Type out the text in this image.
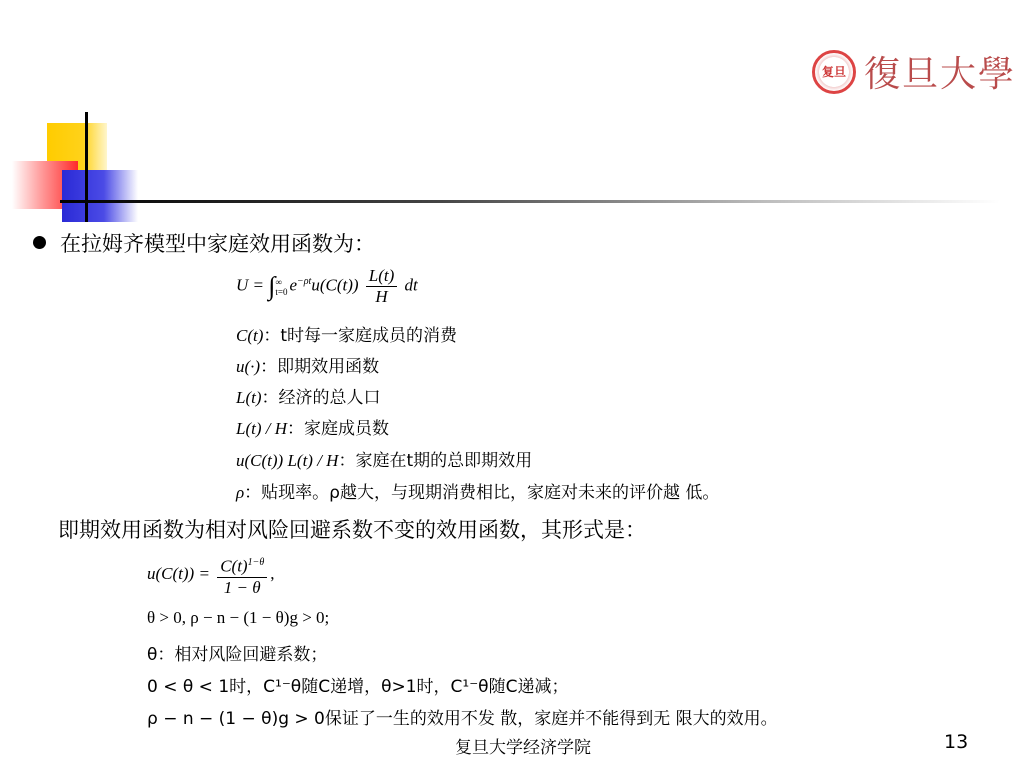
复旦 復旦大學
在拉姆齐模型中家庭效用函数为：
U = ∫ ∞
t=0 $e^{-\rho t}u(C(t)) \frac{L(t)}{H}$ dt
C(t)：t时每一家庭成员的消费
u(·)：即期效用函数
L(t)：经济的总人口
L(t) / H：家庭成员数
u(C(t)) L(t) / H：家庭在t期的总即期效用
ρ：贴现率。ρ越大，与现期消费相比，家庭对未来的评价越 低。
即期效用函数为相对风险回避系数不变的效用函数，其形式是：
$u(C(t)) = \frac{C(t)^{1-\theta}}{1 - \theta}$ ,
θ > 0, ρ − n − (1 − θ)g > 0;
θ：相对风险回避系数；
0 < θ < 1时，C¹⁻θ随C递增，θ>1时，C¹⁻θ随C递减；
ρ − n − (1 − θ)g > 0保证了一生的效用不发 散，家庭并不能得到无 限大的效用。
复旦大学经济学院	13
